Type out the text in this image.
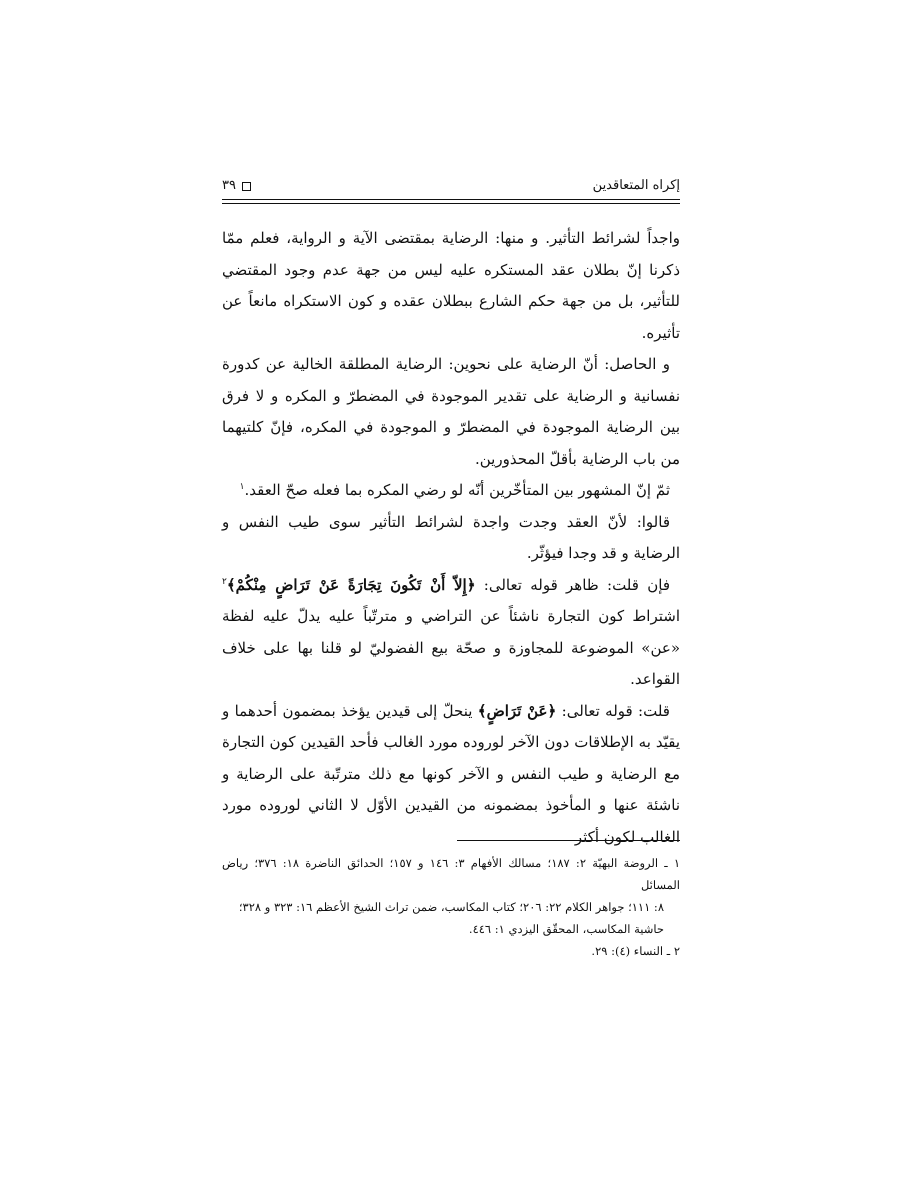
إكراه المتعاقدين
٣٩

واجداً لشرائط التأثير. و منها: الرضاية بمقتضى الآية و الرواية، فعلم ممّا ذكرنا إنّ بطلان عقد المستكره عليه ليس من جهة عدم وجود المقتضي للتأثير، بل من جهة حكم الشارع ببطلان عقده و كون الاستكراه مانعاً عن تأثيره.

و الحاصل: أنّ الرضاية على نحوين: الرضاية المطلقة الخالية عن كدورة نفسانية و الرضاية على تقدير الموجودة في المضطرّ و المكره و لا فرق بين الرضاية الموجودة في المضطرّ و الموجودة في المكره، فإنّ كلتيهما من باب الرضاية بأقلّ المحذورين.

ثمّ إنّ المشهور بين المتأخّرين أنّه لو رضي المكره بما فعله صحّ العقد.$^١$

قالوا: لأنّ العقد وجدت واجدة لشرائط التأثير سوى طيب النفس و الرضاية و قد وجدا فيؤثّر.

فإن قلت: ظاهر قوله تعالى: ﴿إِلاّ أَنْ تَكُونَ تِجَارَةً عَنْ تَرَاضٍ مِنْكُمْ﴾$^٢$ اشتراط كون التجارة ناشئاً عن التراضي و مترتّباً عليه يدلّ عليه لفظة «عن» الموضوعة للمجاوزة و صحّة بيع الفضوليّ لو قلنا بها على خلاف القواعد.

قلت: قوله تعالى: ﴿عَنْ تَرَاضٍ﴾ ينحلّ إلى قيدين يؤخذ بمضمون أحدهما و يقيّد به الإطلاقات دون الآخر لوروده مورد الغالب فأحد القيدين كون التجارة مع الرضاية و طيب النفس و الآخر كونها مع ذلك مترتّبة على الرضاية و ناشئة عنها و المأخوذ بمضمونه من القيدين الأوّل لا الثاني لوروده مورد الغالب لكون أكثر

١ ـ الروضة البهيّة ٢: ١٨٧؛ مسالك الأفهام ٣: ١٤٦ و ١٥٧؛ الحدائق الناضرة ١٨: ٣٧٦؛ رياض المسائل

٨: ١١١؛ جواهر الكلام ٢٢: ٢٠٦؛ كتاب المكاسب، ضمن تراث الشيخ الأعظم ١٦: ٣٢٣ و ٣٢٨؛

حاشية المكاسب، المحقّق اليزدي ١: ٤٤٦.

٢ ـ النساء (٤): ٢٩.
